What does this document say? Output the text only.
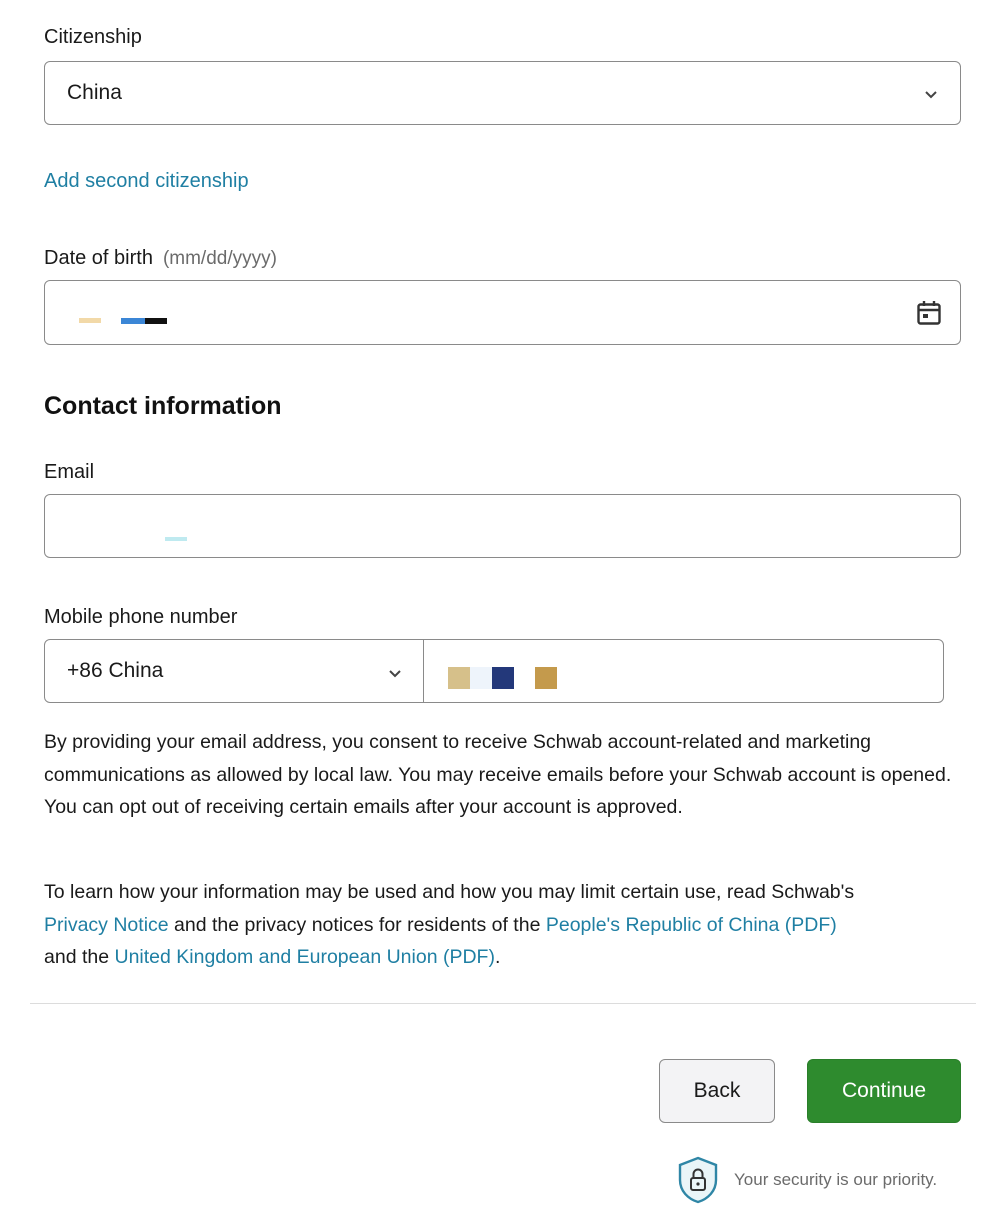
Citizenship
China
Add second citizenship
Date of birth (mm/dd/yyyy)
Contact information
Email
Mobile phone number
+86 China

By providing your email address, you consent to receive Schwab account-related and marketing communications as allowed by local law. You may receive emails before your Schwab account is opened. You can opt out of receiving certain emails after your account is approved.

To learn how your information may be used and how you may limit certain use, read Schwab's
Privacy Notice and the privacy notices for residents of the People's Republic of China (PDF)
and the United Kingdom and European Union (PDF).

Back	Continue
Your security is our priority.
